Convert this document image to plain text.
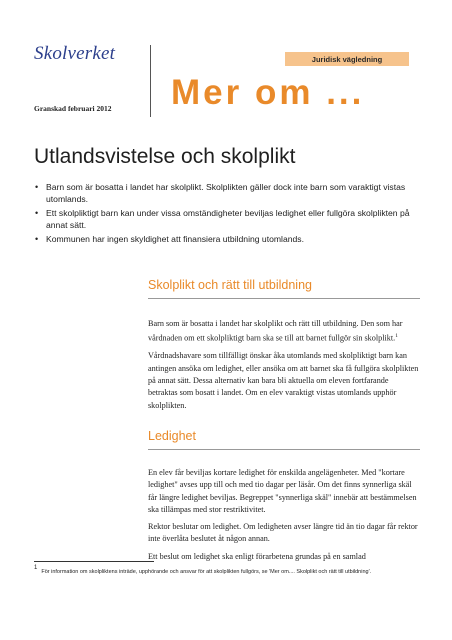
Skolverket
Granskad februari 2012
Juridisk vägledning
Mer om ...
Utlandsvistelse och skolplikt
• Barn som är bosatta i landet har skolplikt. Skolplikten gäller dock inte barn som varaktigt vistas utomlands.
• Ett skolpliktigt barn kan under vissa omständigheter beviljas ledighet eller fullgöra skolplikten på annat sätt.
• Kommunen har ingen skyldighet att finansiera utbildning utomlands.
Skolplikt och rätt till utbildning

Barn som är bosatta i landet har skolplikt och rätt till utbildning. Den som har vårdnaden om ett skolpliktigt barn ska se till att barnet fullgör sin skolplikt.$^1$

Vårdnadshavare som tillfälligt önskar åka utomlands med skolpliktigt barn kan antingen ansöka om ledighet, eller ansöka om att barnet ska få fullgöra skolplikten på annat sätt. Dessa alternativ kan bara bli aktuella om eleven fortfarande betraktas som bosatt i landet. Om en elev varaktigt vistas utomlands upphör skolplikten.

Ledighet

En elev får beviljas kortare ledighet för enskilda angelägenheter. Med "kortare ledighet" avses upp till och med tio dagar per läsår. Om det finns synnerliga skäl får längre ledighet beviljas. Begreppet "synnerliga skäl" innebär att bestämmelsen ska tillämpas med stor restriktivitet.

Rektor beslutar om ledighet. Om ledigheten avser längre tid än tio dagar får rektor inte överlåta beslutet åt någon annan.

Ett beslut om ledighet ska enligt förarbetena grundas på en samlad

$^1$För information om skolpliktens inträde, upphörande och ansvar för att skolplikten fullgörs, se 'Mer om.... Skolplikt och rätt till utbildning'.
